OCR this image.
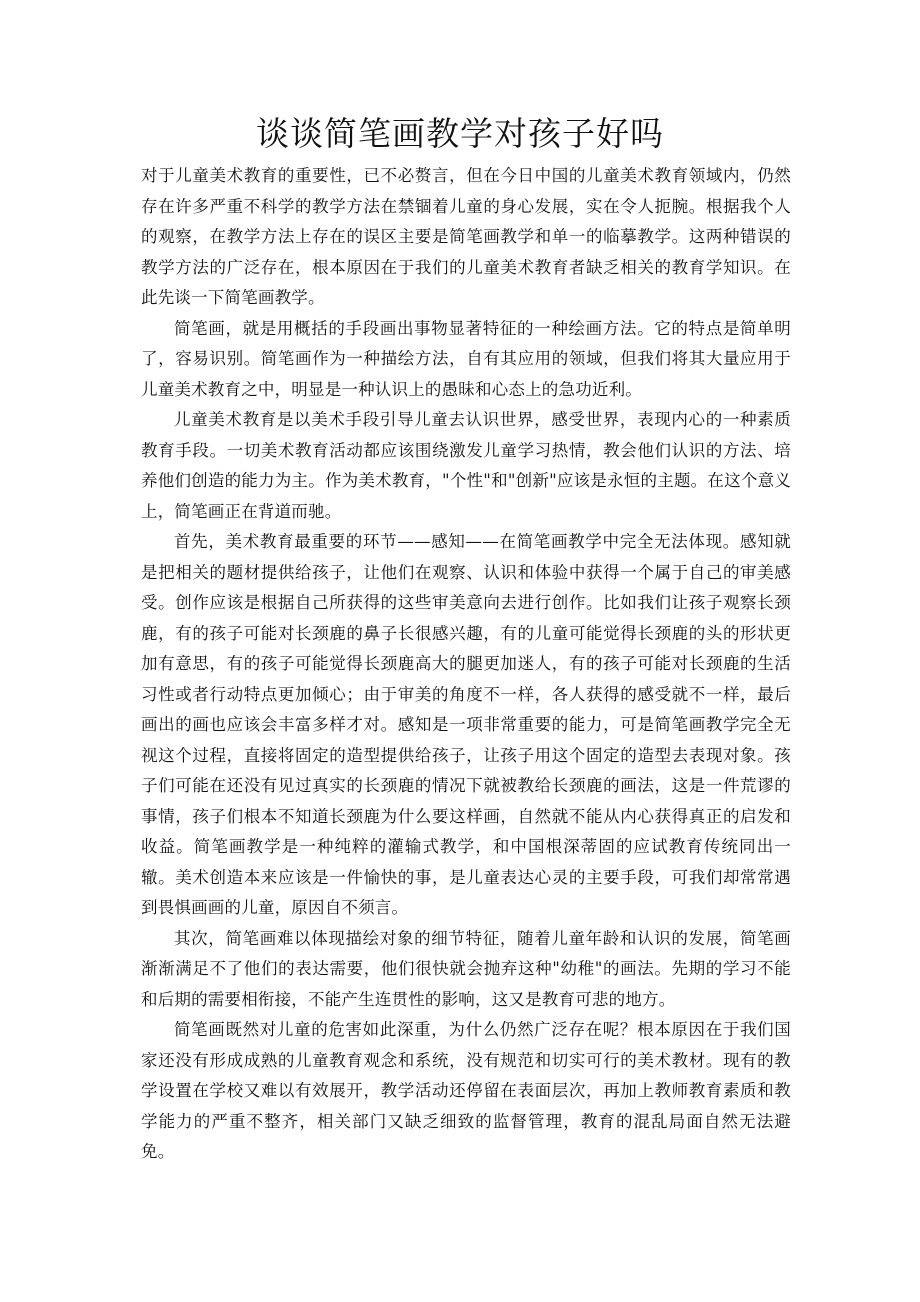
谈谈简笔画教学对孩子好吗

对于儿童美术教育的重要性，已不必赘言，但在今日中国的儿童美术教育领域内，仍然存在许多严重不科学的教学方法在禁锢着儿童的身心发展，实在令人扼腕。根据我个人的观察，在教学方法上存在的误区主要是简笔画教学和单一的临摹教学。这两种错误的教学方法的广泛存在，根本原因在于我们的儿童美术教育者缺乏相关的教育学知识。在此先谈一下简笔画教学。

简笔画，就是用概括的手段画出事物显著特征的一种绘画方法。它的特点是简单明了，容易识别。简笔画作为一种描绘方法，自有其应用的领域，但我们将其大量应用于儿童美术教育之中，明显是一种认识上的愚昧和心态上的急功近利。

儿童美术教育是以美术手段引导儿童去认识世界，感受世界，表现内心的一种素质教育手段。一切美术教育活动都应该围绕激发儿童学习热情，教会他们认识的方法、培养他们创造的能力为主。作为美术教育，"个性"和"创新"应该是永恒的主题。在这个意义上，简笔画正在背道而驰。

首先，美术教育最重要的环节——感知——在简笔画教学中完全无法体现。感知就是把相关的题材提供给孩子，让他们在观察、认识和体验中获得一个属于自己的审美感受。创作应该是根据自己所获得的这些审美意向去进行创作。比如我们让孩子观察长颈鹿，有的孩子可能对长颈鹿的鼻子长很感兴趣，有的儿童可能觉得长颈鹿的头的形状更加有意思，有的孩子可能觉得长颈鹿高大的腿更加迷人，有的孩子可能对长颈鹿的生活习性或者行动特点更加倾心；由于审美的角度不一样，各人获得的感受就不一样，最后画出的画也应该会丰富多样才对。感知是一项非常重要的能力，可是简笔画教学完全无视这个过程，直接将固定的造型提供给孩子，让孩子用这个固定的造型去表现对象。孩子们可能在还没有见过真实的长颈鹿的情况下就被教给长颈鹿的画法，这是一件荒谬的事情，孩子们根本不知道长颈鹿为什么要这样画，自然就不能从内心获得真正的启发和收益。简笔画教学是一种纯粹的灌输式教学，和中国根深蒂固的应试教育传统同出一辙。美术创造本来应该是一件愉快的事，是儿童表达心灵的主要手段，可我们却常常遇到畏惧画画的儿童，原因自不须言。

其次，简笔画难以体现描绘对象的细节特征，随着儿童年龄和认识的发展，简笔画渐渐满足不了他们的表达需要，他们很快就会抛弃这种"幼稚"的画法。先期的学习不能和后期的需要相衔接，不能产生连贯性的影响，这又是教育可悲的地方。

简笔画既然对儿童的危害如此深重，为什么仍然广泛存在呢？根本原因在于我们国家还没有形成成熟的儿童教育观念和系统，没有规范和切实可行的美术教材。现有的教学设置在学校又难以有效展开，教学活动还停留在表面层次，再加上教师教育素质和教学能力的严重不整齐，相关部门又缺乏细致的监督管理，教育的混乱局面自然无法避免。
